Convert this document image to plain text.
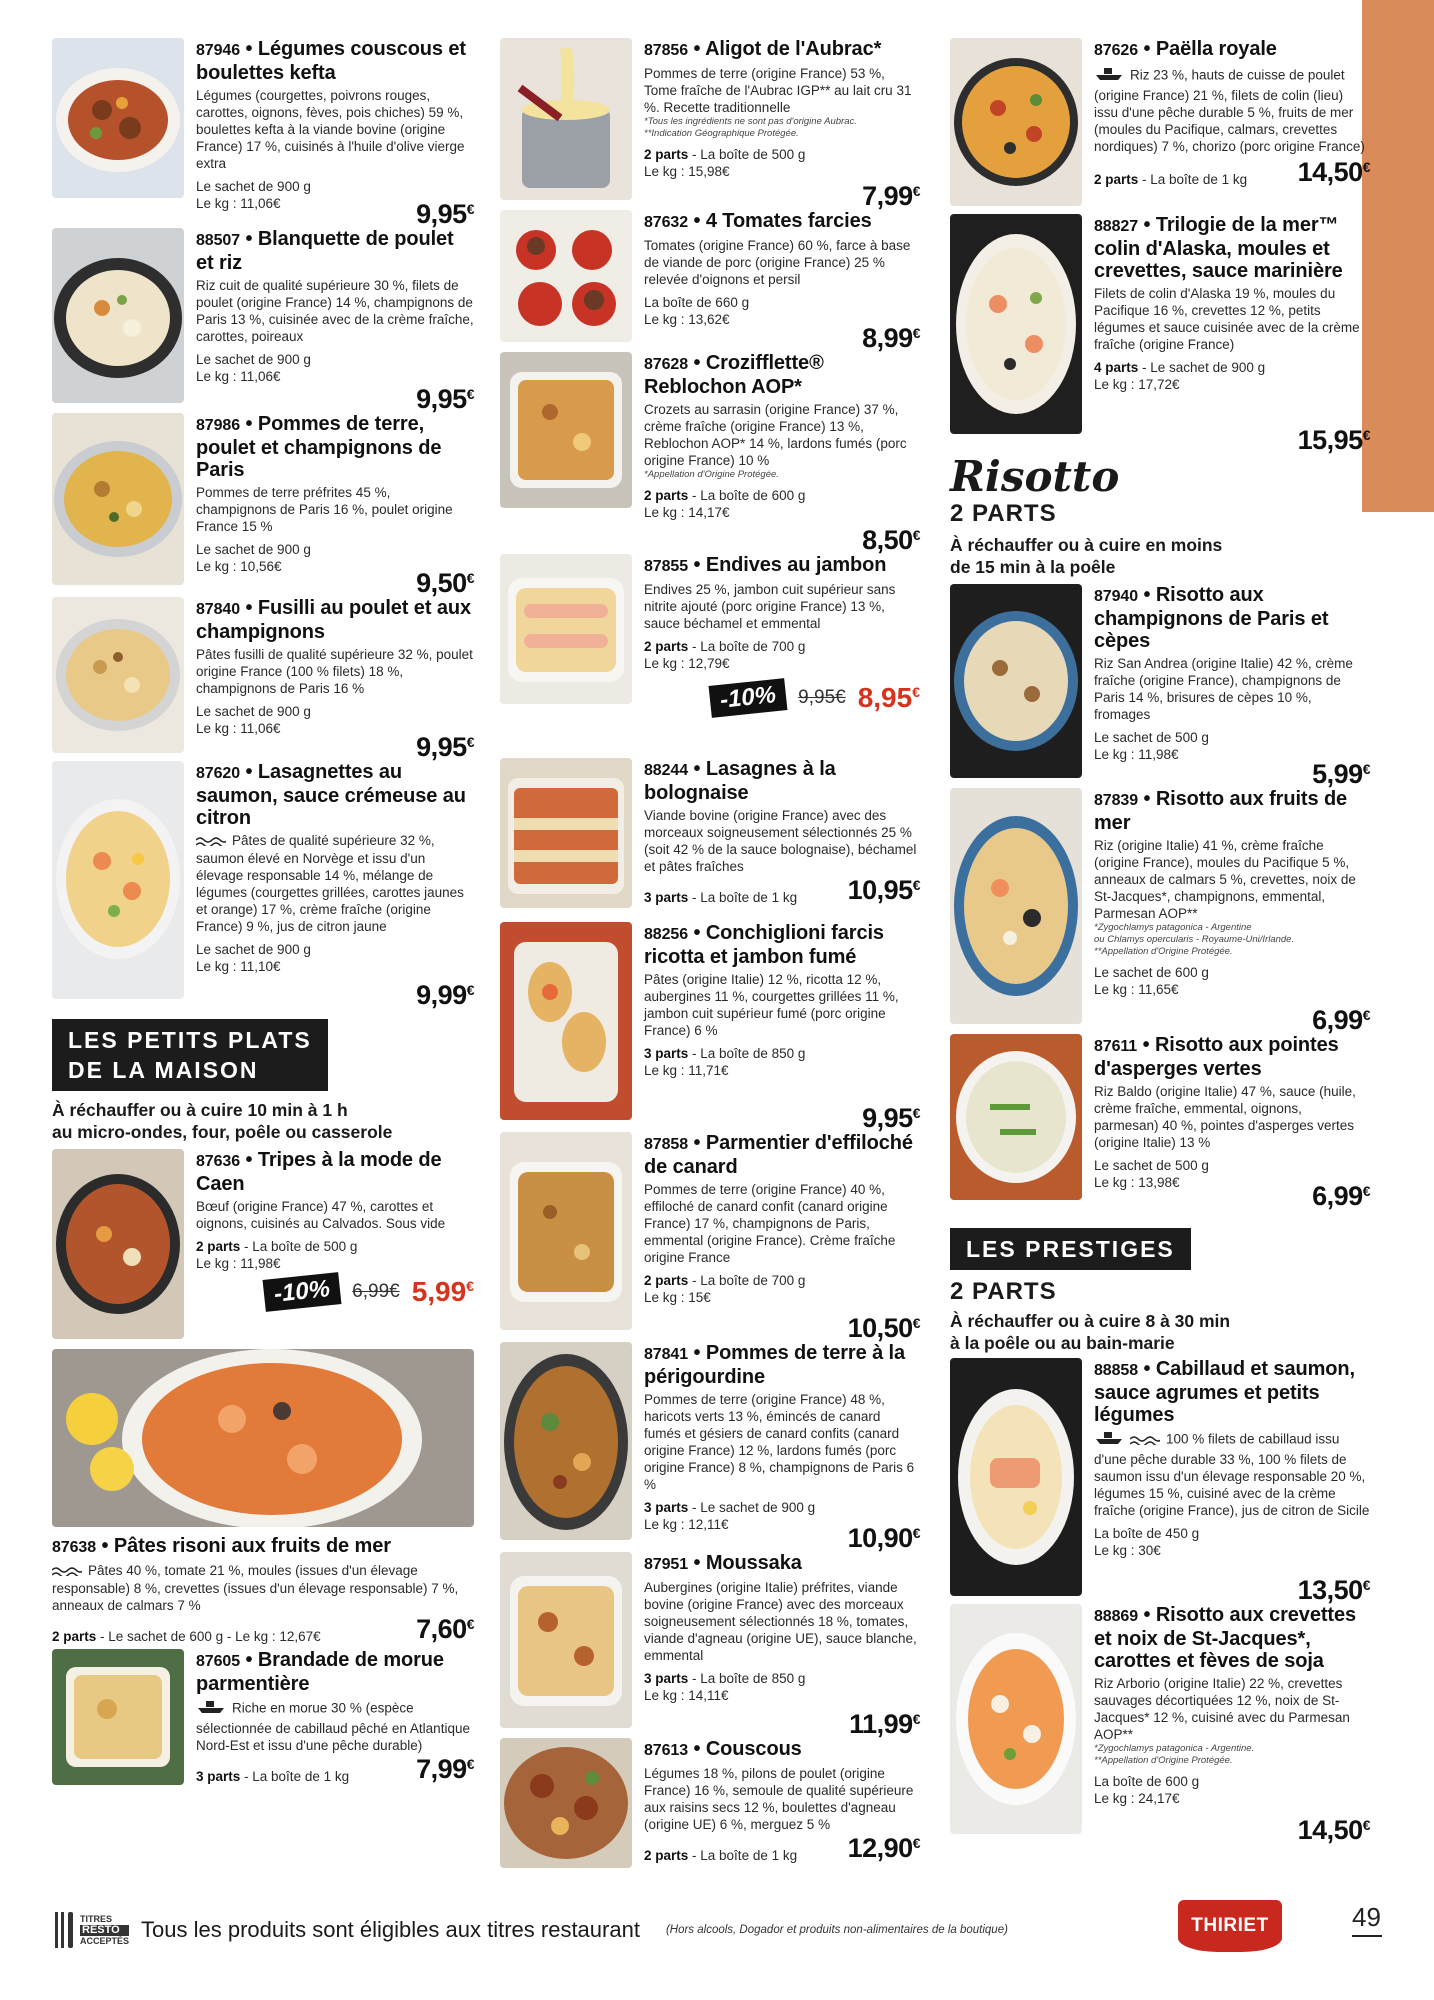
87946 • Légumes couscous et boulettes kefta
Légumes (courgettes, poivrons rouges, carottes, oignons, fèves, pois chiches) 59 %, boulettes kefta à la viande bovine (origine France) 17 %, cuisinés à l'huile d'olive vierge extra
Le sachet de 900 g
Le kg : 11,06€	9,95€
88507 • Blanquette de poulet et riz
Riz cuit de qualité supérieure 30 %, filets de poulet (origine France) 14 %, champignons de Paris 13 %, cuisinée avec de la crème fraîche, carottes, poireaux
Le sachet de 900 g
Le kg : 11,06€
9,95€
87986 • Pommes de terre, poulet et champignons de Paris
Pommes de terre préfrites 45 %, champignons de Paris 16 %, poulet origine France 15 %
Le sachet de 900 g
Le kg : 10,56€
9,50€
87840 • Fusilli au poulet et aux champignons
Pâtes fusilli de qualité supérieure 32 %, poulet origine France (100 % filets) 18 %, champignons de Paris 16 %
Le sachet de 900 g
Le kg : 11,06€
9,95€
87620 • Lasagnettes au saumon, sauce crémeuse au citron
Pâtes de qualité supérieure 32 %, saumon élevé en Norvège et issu d'un élevage responsable 14 %, mélange de légumes (courgettes grillées, carottes jaunes et orange) 17 %, crème fraîche (origine France) 9 %, jus de citron jaune
Le sachet de 900 g
Le kg : 11,10€
9,99€
LES PETITS PLATS
DE LA MAISON
À réchauffer ou à cuire 10 min à 1 h
au micro-ondes, four, poêle ou casserole
87636 • Tripes à la mode de Caen
Bœuf (origine France) 47 %, carottes et oignons, cuisinés au Calvados. Sous vide
2 parts - La boîte de 500 g
Le kg : 11,98€
-10%	6,99€ 5,99€
87638 • Pâtes risoni aux fruits de mer
Pâtes 40 %, tomate 21 %, moules (issues d'un élevage responsable) 8 %, crevettes (issues d'un élevage responsable) 7 %, anneaux de calmars 7 %
2 parts - Le sachet de 600 g - Le kg : 12,67€	7,60€
87605 • Brandade de morue parmentière
Riche en morue 30 % (espèce sélectionnée de cabillaud pêché en Atlantique Nord-Est et issu d'une pêche durable)
3 parts - La boîte de 1 kg 7,99€
87856 • Aligot de l'Aubrac*
Pommes de terre (origine France) 53 %, Tome fraîche de l'Aubrac IGP** au lait cru 31 %. Recette traditionnelle
*Tous les ingrédients ne sont pas d'origine Aubrac.
**Indication Géographique Protégée.
2 parts - La boîte de 500 g
Le kg : 15,98€
7,99€
87632 • 4 Tomates farcies
Tomates (origine France) 60 %, farce à base de viande de porc (origine France) 25 % relevée d'oignons et persil
La boîte de 660 g
Le kg : 13,62€
8,99€
87628 • Crozifflette® Reblochon AOP*
Crozets au sarrasin (origine France) 37 %, crème fraîche (origine France) 13 %, Reblochon AOP* 14 %, lardons fumés (porc origine France) 10 %
*Appellation d'Origine Protégée.
2 parts - La boîte de 600 g
Le kg : 14,17€
8,50€
87855 • Endives au jambon
Endives 25 %, jambon cuit supérieur sans nitrite ajouté (porc origine France) 13 %, sauce béchamel et emmental
2 parts - La boîte de 700 g
Le kg : 12,79€
-10%	9,95€ 8,95€
88244 • Lasagnes à la bolognaise
Viande bovine (origine France) avec des morceaux soigneusement sélectionnés 25 % (soit 42 % de la sauce bolognaise), béchamel et pâtes fraîches
3 parts - La boîte de 1 kg 10,95€
88256 • Conchiglioni farcis ricotta et jambon fumé
Pâtes (origine Italie) 12 %, ricotta 12 %, aubergines 11 %, courgettes grillées 11 %, jambon cuit supérieur fumé (porc origine France) 6 %
3 parts - La boîte de 850 g
Le kg : 11,71€
9,95€
87858 • Parmentier d'effiloché de canard
Pommes de terre (origine France) 40 %, effiloché de canard confit (canard origine France) 17 %, champignons de Paris, emmental (origine France). Crème fraîche origine France
2 parts - La boîte de 700 g
Le kg : 15€
10,50€
87841 • Pommes de terre à la périgourdine
Pommes de terre (origine France) 48 %, haricots verts 13 %, émincés de canard fumés et gésiers de canard confits (canard origine France) 12 %, lardons fumés (porc origine France) 8 %, champignons de Paris 6 %
3 parts - Le sachet de 900 g
Le kg : 12,11€	10,90€
87951 • Moussaka
Aubergines (origine Italie) préfrites, viande bovine (origine France) avec des morceaux soigneusement sélectionnés 18 %, tomates, viande d'agneau (origine UE), sauce blanche, emmental
3 parts - La boîte de 850 g
Le kg : 14,11€
11,99€
87613 • Couscous
Légumes 18 %, pilons de poulet (origine France) 16 %, semoule de qualité supérieure aux raisins secs 12 %, boulettes d'agneau (origine UE) 6 %, merguez 5 %
2 parts - La boîte de 1 kg 12,90€
87626 • Paëlla royale
Riz 23 %, hauts de cuisse de poulet (origine France) 21 %, filets de colin (lieu) issu d'une pêche durable 5 %, fruits de mer (moules du Pacifique, calmars, crevettes nordiques) 7 %, chorizo (porc origine France)
2 parts - La boîte de 1 kg 14,50€
88827 • Trilogie de la mer™ colin d'Alaska, moules et crevettes, sauce marinière
Filets de colin d'Alaska 19 %, moules du Pacifique 16 %, crevettes 12 %, petits légumes et sauce cuisinée avec de la crème fraîche (origine France)
4 parts - Le sachet de 900 g
Le kg : 17,72€
15,95€
Risotto
2 PARTS
À réchauffer ou à cuire en moins
de 15 min à la poêle
87940 • Risotto aux champignons de Paris et cèpes
Riz San Andrea (origine Italie) 42 %, crème fraîche (origine France), champignons de Paris 14 %, brisures de cèpes 10 %, fromages
Le sachet de 500 g
Le kg : 11,98€
5,99€
87839 • Risotto aux fruits de mer
Riz (origine Italie) 41 %, crème fraîche (origine France), moules du Pacifique 5 %, anneaux de calmars 5 %, crevettes, noix de St-Jacques*, champignons, emmental, Parmesan AOP**
*Zygochlamys patagonica - Argentine
ou Chlamys opercularis - Royaume-Uni/Irlande.
**Appellation d'Origine Protégée.
Le sachet de 600 g
Le kg : 11,65€
6,99€
87611 • Risotto aux pointes d'asperges vertes
Riz Baldo (origine Italie) 47 %, sauce (huile, crème fraîche, emmental, oignons, parmesan) 40 %, pointes d'asperges vertes (origine Italie) 13 %
Le sachet de 500 g
Le kg : 13,98€	6,99€
LES PRESTIGES
2 PARTS
À réchauffer ou à cuire 8 à 30 min
à la poêle ou au bain-marie
88858 • Cabillaud et saumon, sauce agrumes et petits légumes
100 % filets de cabillaud issu d'une pêche durable 33 %, 100 % filets de saumon issu d'un élevage responsable 20 %, légumes 15 %, cuisiné avec de la crème fraîche (origine France), jus de citron de Sicile
La boîte de 450 g
Le kg : 30€
13,50€
88869 • Risotto aux crevettes et noix de St-Jacques*, carottes et fèves de soja
Riz Arborio (origine Italie) 22 %, crevettes sauvages décortiquées 12 %, noix de St-Jacques* 12 %, cuisiné avec du Parmesan AOP**
*Zygochlamys patagonica - Argentine.
**Appellation d'Origine Protégée.
La boîte de 600 g
Le kg : 24,17€
14,50€
TITRES
RESTO
ACCEPTÉS Tous les produits sont éligibles aux titres restaurant (Hors alcools, Dogador et produits non-alimentaires de la boutique)	THIRIET	49
